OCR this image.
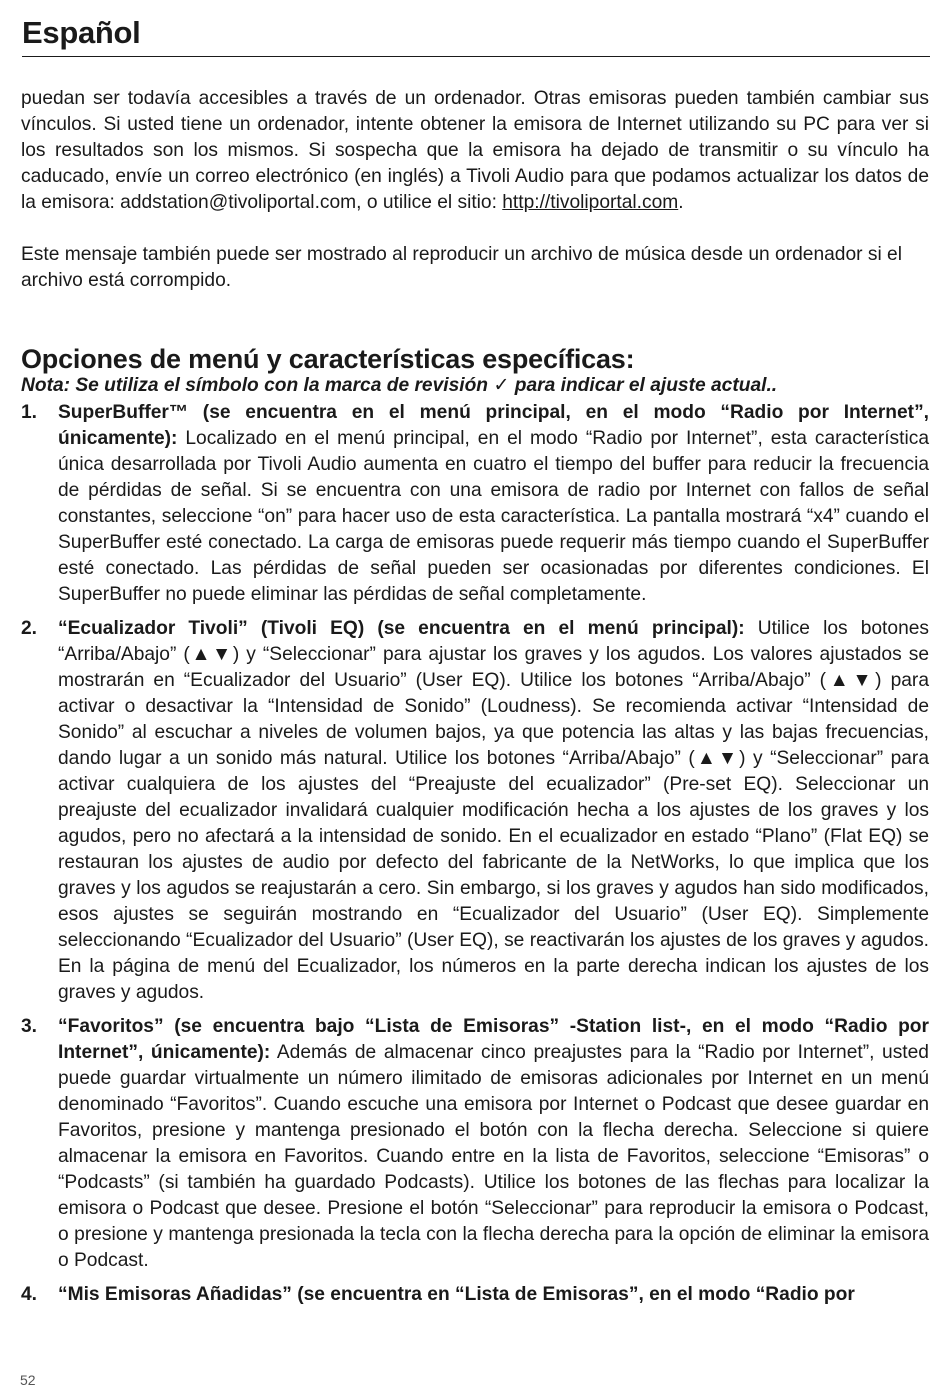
Español

puedan ser todavía accesibles a través de un ordenador. Otras emisoras pueden también cambiar sus vínculos. Si usted tiene un ordenador, intente obtener la emisora de Internet utilizando su PC para ver si los resultados son los mismos. Si sospecha que la emisora ha dejado de transmitir o su vínculo ha caducado, envíe un correo electrónico (en inglés) a Tivoli Audio para que podamos actualizar los datos de la emisora: addstation@tivoliportal.com, o utilice el sitio: http://tivoliportal.com.

Este mensaje también puede ser mostrado al reproducir un archivo de música desde un ordenador si el archivo está corrompido.

Opciones de menú y características específicas:

Nota: Se utiliza el símbolo con la marca de revisión ✓ para indicar el ajuste actual..

1. SuperBuffer™ (se encuentra en el menú principal, en el modo “Radio por Internet”, únicamente): Localizado en el menú principal, en el modo “Radio por Internet”, esta característica única desarrollada por Tivoli Audio aumenta en cuatro el tiempo del buffer para reducir la frecuencia de pérdidas de señal. Si se encuentra con una emisora de radio por Internet con fallos de señal constantes, seleccione “on” para hacer uso de esta característica. La pantalla mostrará “x4” cuando el SuperBuffer esté conectado. La carga de emisoras puede requerir más tiempo cuando el SuperBuffer esté conectado. Las pérdidas de señal pueden ser ocasionadas por diferentes condiciones. El SuperBuffer no puede eliminar las pérdidas de señal completamente.
2. “Ecualizador Tivoli” (Tivoli EQ) (se encuentra en el menú principal): Utilice los botones “Arriba/Abajo” (▲▼) y “Seleccionar” para ajustar los graves y los agudos. Los valores ajustados se mostrarán en “Ecualizador del Usuario” (User EQ). Utilice los botones “Arriba/Abajo” (▲▼) para activar o desactivar la “Intensidad de Sonido” (Loudness). Se recomienda activar “Intensidad de Sonido” al escuchar a niveles de volumen bajos, ya que potencia las altas y las bajas frecuencias, dando lugar a un sonido más natural. Utilice los botones “Arriba/Abajo” (▲▼) y “Seleccionar” para activar cualquiera de los ajustes del “Preajuste del ecualizador” (Pre-set EQ). Seleccionar un preajuste del ecualizador invalidará cualquier modificación hecha a los ajustes de los graves y los agudos, pero no afectará a la intensidad de sonido. En el ecualizador en estado “Plano” (Flat EQ) se restauran los ajustes de audio por defecto del fabricante de la NetWorks, lo que implica que los graves y los agudos se reajustarán a cero. Sin embargo, si los graves y agudos han sido modificados, esos ajustes se seguirán mostrando en “Ecualizador del Usuario” (User EQ). Simplemente seleccionando “Ecualizador del Usuario” (User EQ), se reactivarán los ajustes de los graves y agudos. En la página de menú del Ecualizador, los números en la parte derecha indican los ajustes de los graves y agudos.
3. “Favoritos” (se encuentra bajo “Lista de Emisoras” -Station list-, en el modo “Radio por Internet”, únicamente): Además de almacenar cinco preajustes para la “Radio por Internet”, usted puede guardar virtualmente un número ilimitado de emisoras adicionales por Internet en un menú denominado “Favoritos”. Cuando escuche una emisora por Internet o Podcast que desee guardar en Favoritos, presione y mantenga presionado el botón con la flecha derecha. Seleccione si quiere almacenar la emisora en Favoritos. Cuando entre en la lista de Favoritos, seleccione “Emisoras” o “Podcasts” (si también ha guardado Podcasts). Utilice los botones de las flechas para localizar la emisora o Podcast que desee. Presione el botón “Seleccionar” para reproducir la emisora o Podcast, o presione y mantenga presionada la tecla con la flecha derecha para la opción de eliminar la emisora o Podcast.
4. “Mis Emisoras Añadidas” (se encuentra en “Lista de Emisoras”, en el modo “Radio por
52
